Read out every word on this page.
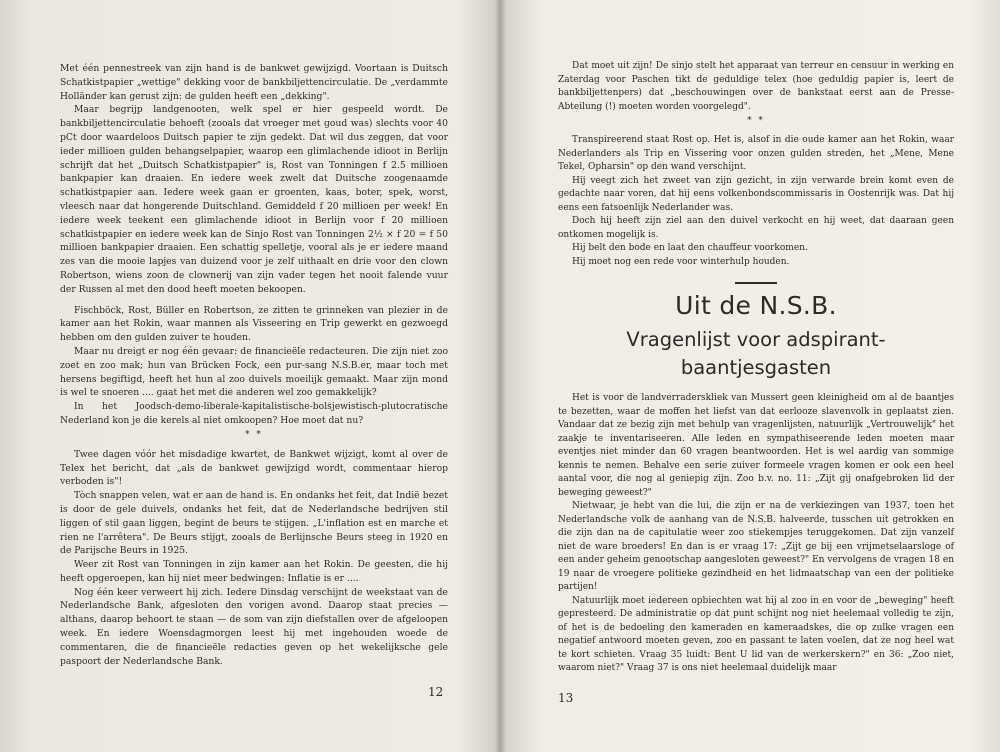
Met één pennestreek van zijn hand is de bankwet gewijzigd. Voortaan is Duitsch Schatkistpapier „wettige" dekking voor de bankbiljettencirculatie. De „verdammte Holländer kan gerust zijn: de gulden heeft een „dekking".

Maar begrijp landgenooten, welk spel er hier gespeeld wordt. De bankbiljettencirculatie behoeft (zooals dat vroeger met goud was) slechts voor 40 pCt door waardeloos Duitsch papier te zijn gedekt. Dat wil dus zeggen, dat voor ieder millioen gulden behangselpapier, waarop een glimlachende idioot in Berlijn schrijft dat het „Duitsch Schatkistpapier" is, Rost van Tonningen f 2.5 millioen bankpapier kan draaien. En iedere week zwelt dat Duitsche zoogenaamde schatkistpapier aan. Iedere week gaan er groenten, kaas, boter, spek, worst, vleesch naar dat hongerende Duitschland. Gemiddeld f 20 millioen per week! En iedere week teekent een glimlachende idioot in Berlijn voor f 20 millioen schatkistpapier en iedere week kan de Sinjo Rost van Tonningen 2½ × f 20 = f 50 millioen bankpapier draaien. Een schattig spelletje, vooral als je er iedere maand zes van die mooie lapjes van duizend voor je zelf uithaalt en drie voor den clown Robertson, wiens zoon de clownerij van zijn vader tegen het nooit falende vuur der Russen al met den dood heeft moeten bekoopen.

Fischböck, Rost, Büller en Robertson, ze zitten te grinneken van plezier in de kamer aan het Rokin, waar mannen als Visseering en Trip gewerkt en gezwoegd hebben om den gulden zuiver te houden.

Maar nu dreigt er nog één gevaar: de financieële redacteuren. Die zijn niet zoo zoet en zoo mak; hun van Brücken Fock, een pur-sang N.S.B.er, maar toch met hersens begiftigd, heeft het hun al zoo duivels moeilijk gemaakt. Maar zijn mond is wel te snoeren .... gaat het met die anderen wel zoo gemakkelijk?

In het Joodsch-demo-liberale-kapitalistische-bolsjewistisch-plutocratische Nederland kon je die kerels al niet omkoopen? Hoe moet dat nu?

* *

Twee dagen vóór het misdadige kwartet, de Bankwet wijzigt, komt al over de Telex het bericht, dat „als de bankwet gewijzigd wordt, commentaar hierop verboden is"!

Tòch snappen velen, wat er aan de hand is. En ondanks het feit, dat Indië bezet is door de gele duivels, ondanks het feit, dat de Nederlandsche bedrijven stil liggen of stil gaan liggen, begint de beurs te stijgen. „L'inflation est en marche et rien ne l'arrêtera". De Beurs stijgt, zooals de Berlijnsche Beurs steeg in 1920 en de Parijsche Beurs in 1925.

Weer zit Rost van Tonningen in zijn kamer aan het Rokin. De geesten, die hij heeft opgeroepen, kan hij niet meer bedwingen: Inflatie is er ....

Nog één keer verweert hij zich. Iedere Dinsdag verschijnt de weekstaat van de Nederlandsche Bank, afgesloten den vorigen avond. Daarop staat precies — althans, daarop behoort te staan — de som van zijn diefstallen over de afgeloopen week. En iedere Woensdagmorgen leest hij met ingehouden woede de commentaren, die de financieële redacties geven op het wekelijksche gele paspoort der Nederlandsche Bank.

12

Dat moet uit zijn! De sinjo stelt het apparaat van terreur en censuur in werking en Zaterdag voor Paschen tikt de geduldige telex (hoe geduldig papier is, leert de bankbiljettenpers) dat „beschouwingen over de bankstaat eerst aan de Presse-Abteilung (!) moeten worden voorgelegd".

* *

Transpireerend staat Rost op. Het is, alsof in die oude kamer aan het Rokin, waar Nederlanders als Trip en Vissering voor onzen gulden streden, het „Mene, Mene Tekel, Opharsin" op den wand verschijnt.

Hij veegt zich het zweet van zijn gezicht, in zijn verwarde brein komt even de gedachte naar voren, dat hij eens volkenbondscommissaris in Oostenrijk was. Dat hij eens een fatsoenlijk Nederlander was.

Doch hij heeft zijn ziel aan den duivel verkocht en hij weet, dat daaraan geen ontkomen mogelijk is.

Hij belt den bode en laat den chauffeur voorkomen.

Hij moet nog een rede voor winterhulp houden.

Uit de N.S.B.
Vragenlijst voor adspirant-baantjesgasten

Het is voor de landverraderskliek van Mussert geen kleinigheid om al de baantjes te bezetten, waar de moffen het liefst van dat eerlooze slavenvolk in geplaatst zien. Vandaar dat ze bezig zijn met behulp van vragenlijsten, natuurlijk „Vertrouwelijk" het zaakje te inventariseeren. Alle leden en sympathiseerende leden moeten maar eventjes niet minder dan 60 vragen beantwoorden. Het is wel aardig van sommige kennis te nemen. Behalve een serie zuiver formeele vragen komen er ook een heel aantal voor, die nog al geniepig zijn. Zoo b.v. no. 11: „Zijt gij onafgebroken lid der beweging geweest?"

Nietwaar, je hebt van die lui, die zijn er na de verkiezingen van 1937, toen het Nederlandsche volk de aanhang van de N.S.B. halveerde, tusschen uit getrokken en die zijn dan na de capitulatie weer zoo stiekempjes teruggekomen. Dat zijn vanzelf niet de ware broeders! En dan is er vraag 17: „Zijt ge bij een vrijmetselaarsloge of een ander geheim genootschap aangesloten geweest?" En vervolgens de vragen 18 en 19 naar de vroegere politieke gezindheid en het lidmaatschap van een der politieke partijen!

Natuurlijk moet iedereen opbiechten wat hij al zoo in en voor de „beweging" heeft gepresteerd. De administratie op dat punt schijnt nog niet heelemaal volledig te zijn, of het is de bedoeling den kameraden en kameraadskes, die op zulke vragen een negatief antwoord moeten geven, zoo en passant te laten voelen, dat ze nog heel wat te kort schieten. Vraag 35 luidt: Bent U lid van de werkerskern?" en 36: „Zoo niet, waarom niet?" Vraag 37 is ons niet heelemaal duidelijk maar

13
